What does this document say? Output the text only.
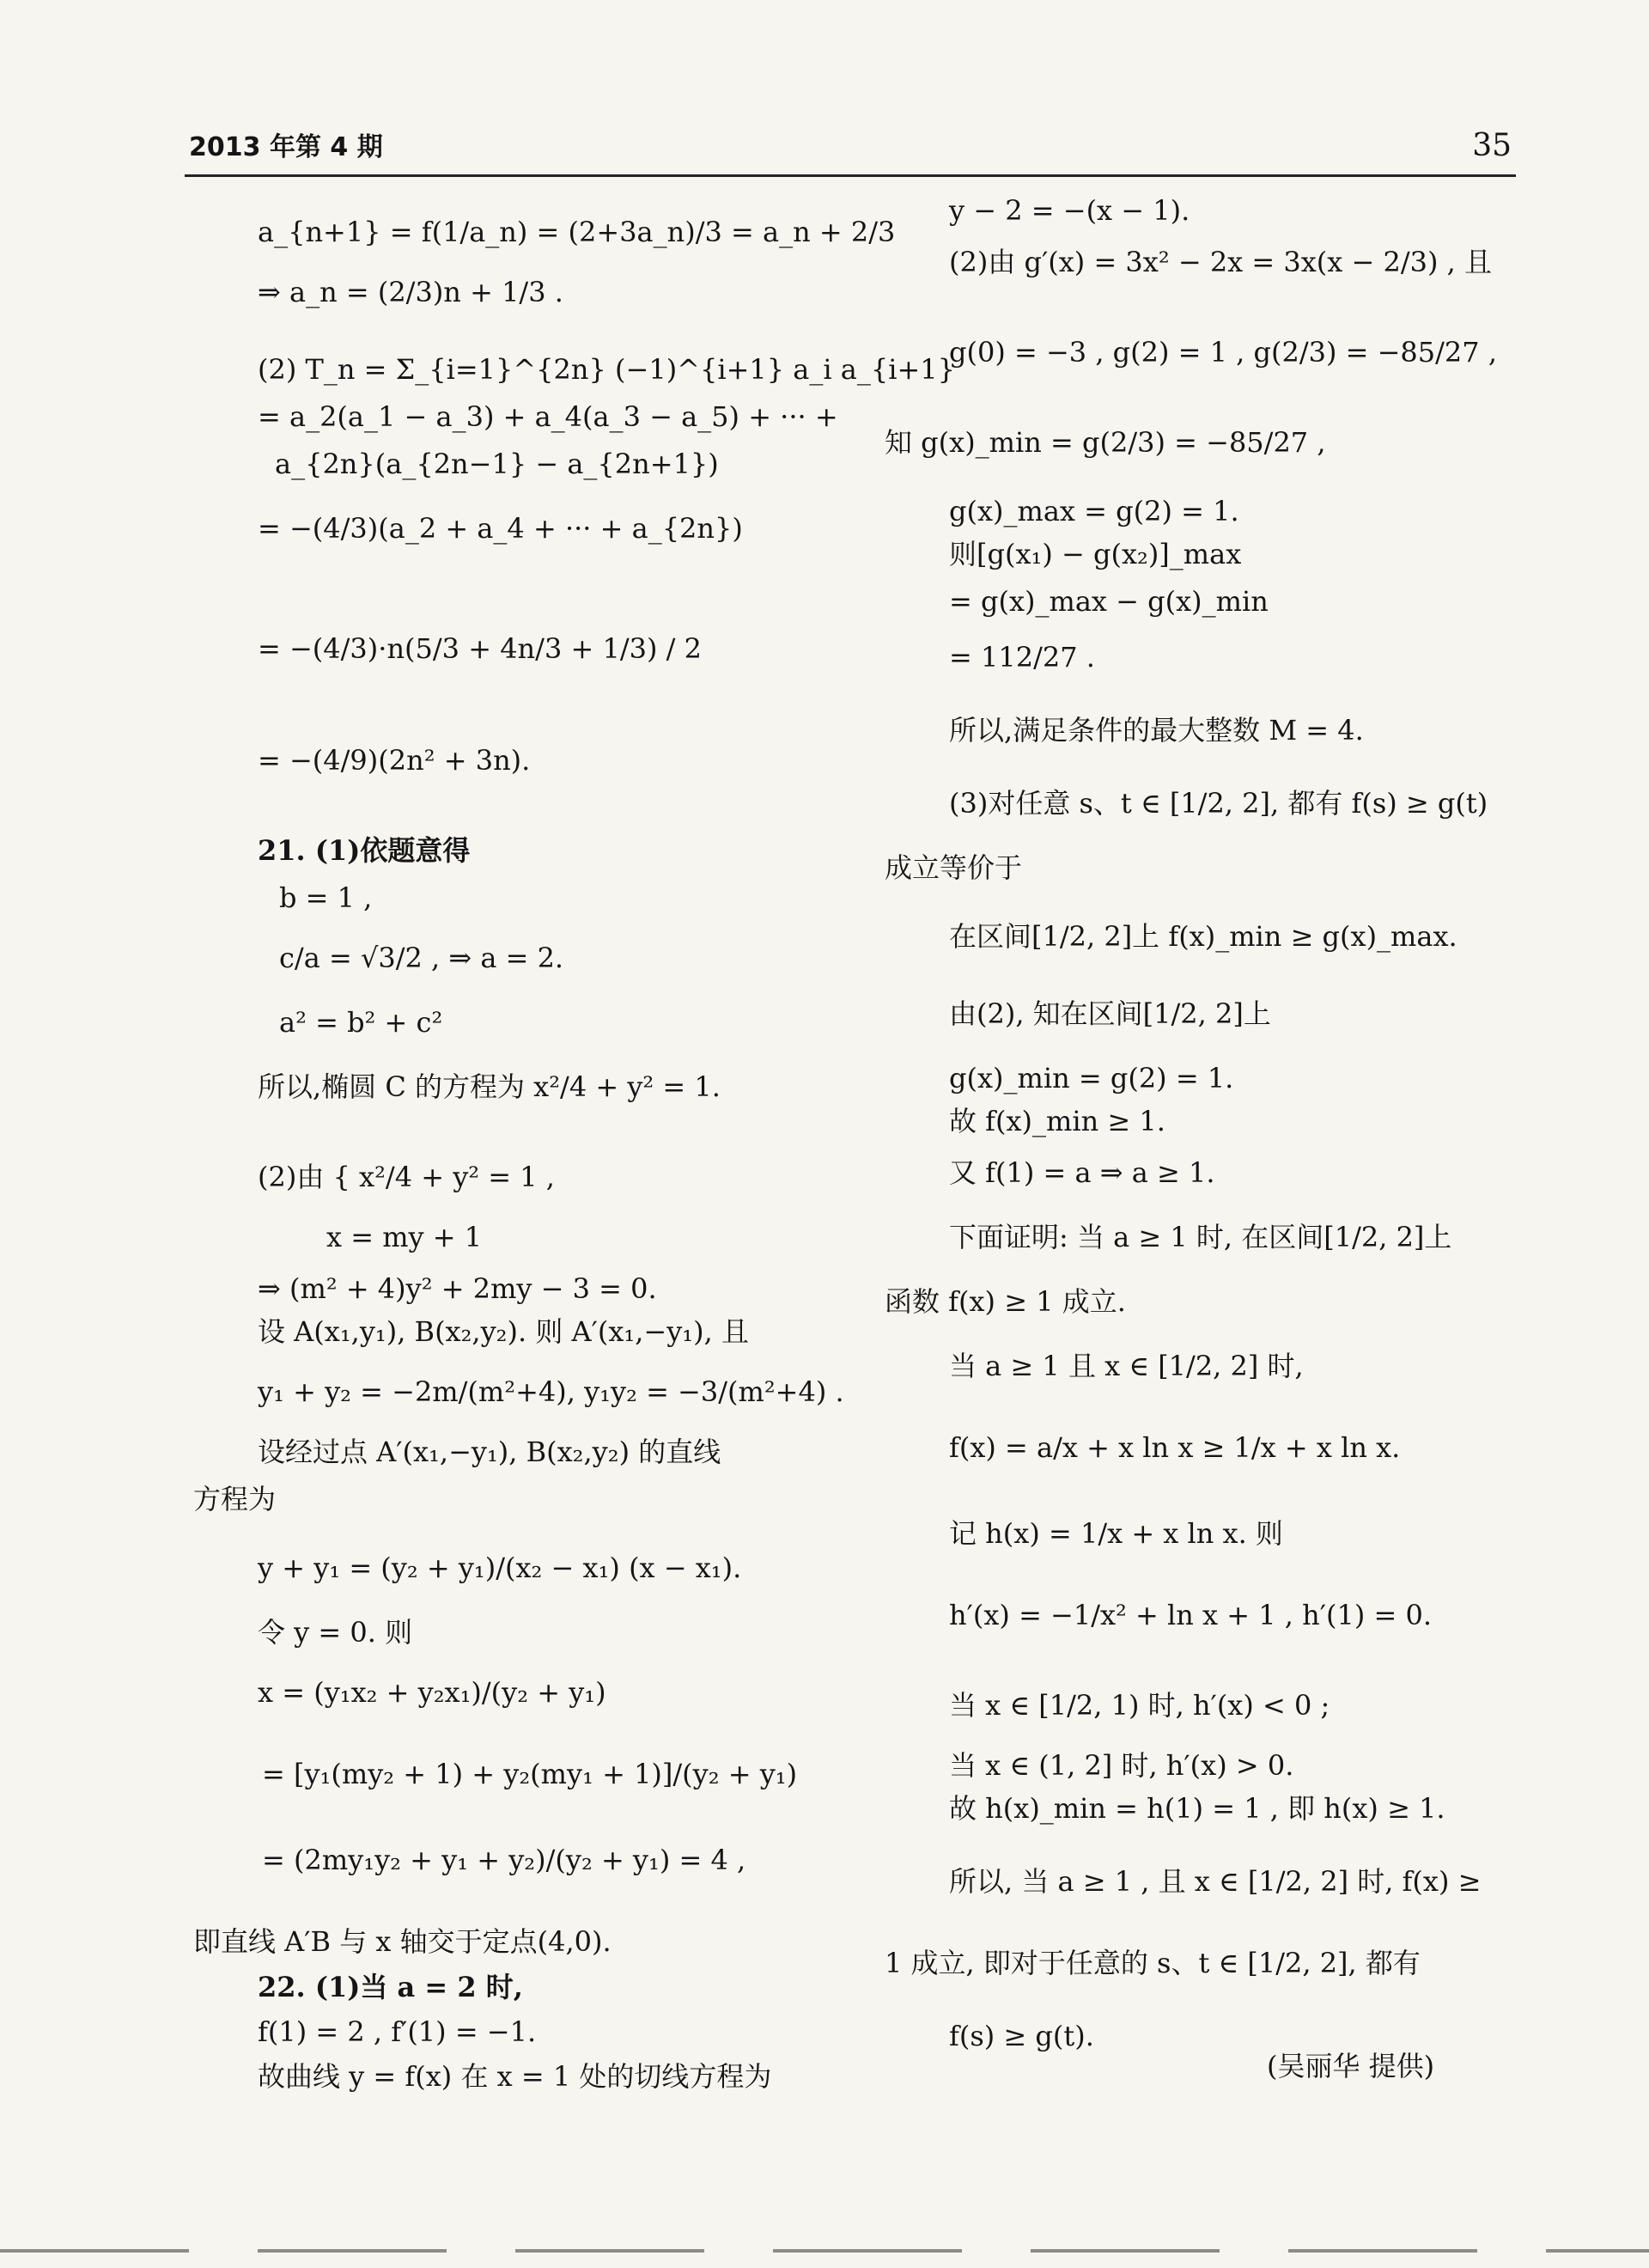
2013 年第 4 期	35
a_{n+1} = f(1/a_n) = (2+3a_n)/3 = a_n + 2/3
⇒ a_n = (2/3)n + 1/3 .
(2) T_n = Σ_{i=1}^{2n} (−1)^{i+1} a_i a_{i+1}
= a_2(a_1 − a_3) + a_4(a_3 − a_5) + ··· +
a_{2n}(a_{2n−1} − a_{2n+1})
= −(4/3)(a_2 + a_4 + ··· + a_{2n})
= −(4/3)·n(5/3 + 4n/3 + 1/3) / 2
= −(4/9)(2n² + 3n).
21. (1)依题意得
b = 1 ,
c/a = √3/2 , ⇒ a = 2.
a² = b² + c²
所以,椭圆 C 的方程为 x²/4 + y² = 1.
(2)由 { x²/4 + y² = 1 ,
x = my + 1
⇒ (m² + 4)y² + 2my − 3 = 0.
设 A(x₁,y₁), B(x₂,y₂). 则 A′(x₁,−y₁), 且
y₁ + y₂ = −2m/(m²+4), y₁y₂ = −3/(m²+4) .
设经过点 A′(x₁,−y₁), B(x₂,y₂) 的直线
方程为
y + y₁ = (y₂ + y₁)/(x₂ − x₁) (x − x₁).
令 y = 0. 则
x = (y₁x₂ + y₂x₁)/(y₂ + y₁)
= [y₁(my₂ + 1) + y₂(my₁ + 1)]/(y₂ + y₁)
= (2my₁y₂ + y₁ + y₂)/(y₂ + y₁) = 4 ,
即直线 A′B 与 x 轴交于定点(4,0).
22. (1)当 a = 2 时,
f(1) = 2 , f′(1) = −1.
故曲线 y = f(x) 在 x = 1 处的切线方程为
y − 2 = −(x − 1).
(2)由 g′(x) = 3x² − 2x = 3x(x − 2/3) , 且
g(0) = −3 , g(2) = 1 , g(2/3) = −85/27 ,
知 g(x)_min = g(2/3) = −85/27 ,
g(x)_max = g(2) = 1.
则[g(x₁) − g(x₂)]_max
= g(x)_max − g(x)_min
= 112/27 .
所以,满足条件的最大整数 M = 4.
(3)对任意 s、t ∈ [1/2, 2], 都有 f(s) ≥ g(t)
成立等价于
在区间[1/2, 2]上 f(x)_min ≥ g(x)_max.
由(2), 知在区间[1/2, 2]上
g(x)_min = g(2) = 1.
故 f(x)_min ≥ 1.
又 f(1) = a ⇒ a ≥ 1.
下面证明: 当 a ≥ 1 时, 在区间[1/2, 2]上
函数 f(x) ≥ 1 成立.
当 a ≥ 1 且 x ∈ [1/2, 2] 时,
f(x) = a/x + x ln x ≥ 1/x + x ln x.
记 h(x) = 1/x + x ln x. 则
h′(x) = −1/x² + ln x + 1 , h′(1) = 0.
当 x ∈ [1/2, 1) 时, h′(x) < 0 ;
当 x ∈ (1, 2] 时, h′(x) > 0.
故 h(x)_min = h(1) = 1 , 即 h(x) ≥ 1.
所以, 当 a ≥ 1 , 且 x ∈ [1/2, 2] 时, f(x) ≥
1 成立, 即对于任意的 s、t ∈ [1/2, 2], 都有
f(s) ≥ g(t).
(吴丽华 提供)
